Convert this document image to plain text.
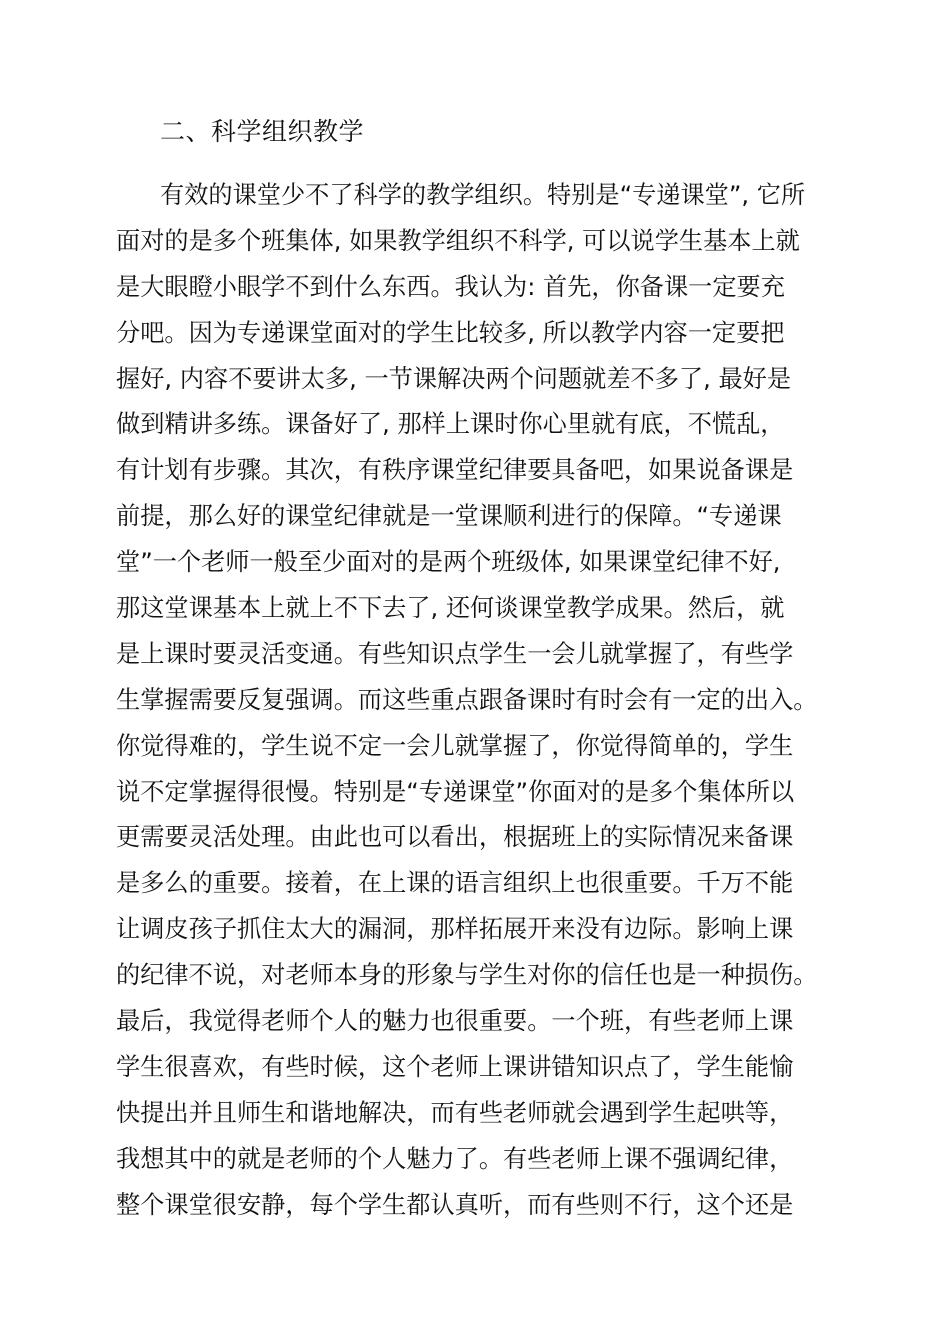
二、科学组织教学
有效的课堂少不了科学的教学组织。特别是“专递课堂”, 它所
面对的是多个班集体, 如果教学组织不科学, 可以说学生基本上就
是大眼瞪小眼学不到什么东西。我认为: 首先，你备课一定要充
分吧。因为专递课堂面对的学生比较多, 所以教学内容一定要把
握好, 内容不要讲太多, 一节课解决两个问题就差不多了, 最好是
做到精讲多练。课备好了, 那样上课时你心里就有底，不慌乱，
有计划有步骤。其次，有秩序课堂纪律要具备吧，如果说备课是
前提，那么好的课堂纪律就是一堂课顺利进行的保障。“专递课
堂”一个老师一般至少面对的是两个班级体, 如果课堂纪律不好,
那这堂课基本上就上不下去了, 还何谈课堂教学成果。然后，就
是上课时要灵活变通。有些知识点学生一会儿就掌握了，有些学
生掌握需要反复强调。而这些重点跟备课时有时会有一定的出入。
你觉得难的，学生说不定一会儿就掌握了，你觉得简单的，学生
说不定掌握得很慢。特别是“专递课堂”你面对的是多个集体所以
更需要灵活处理。由此也可以看出，根据班上的实际情况来备课
是多么的重要。接着，在上课的语言组织上也很重要。千万不能
让调皮孩子抓住太大的漏洞，那样拓展开来没有边际。影响上课
的纪律不说，对老师本身的形象与学生对你的信任也是一种损伤。
最后，我觉得老师个人的魅力也很重要。一个班，有些老师上课
学生很喜欢，有些时候，这个老师上课讲错知识点了，学生能愉
快提出并且师生和谐地解决，而有些老师就会遇到学生起哄等，
我想其中的就是老师的个人魅力了。有些老师上课不强调纪律，
整个课堂很安静，每个学生都认真听，而有些则不行，这个还是
